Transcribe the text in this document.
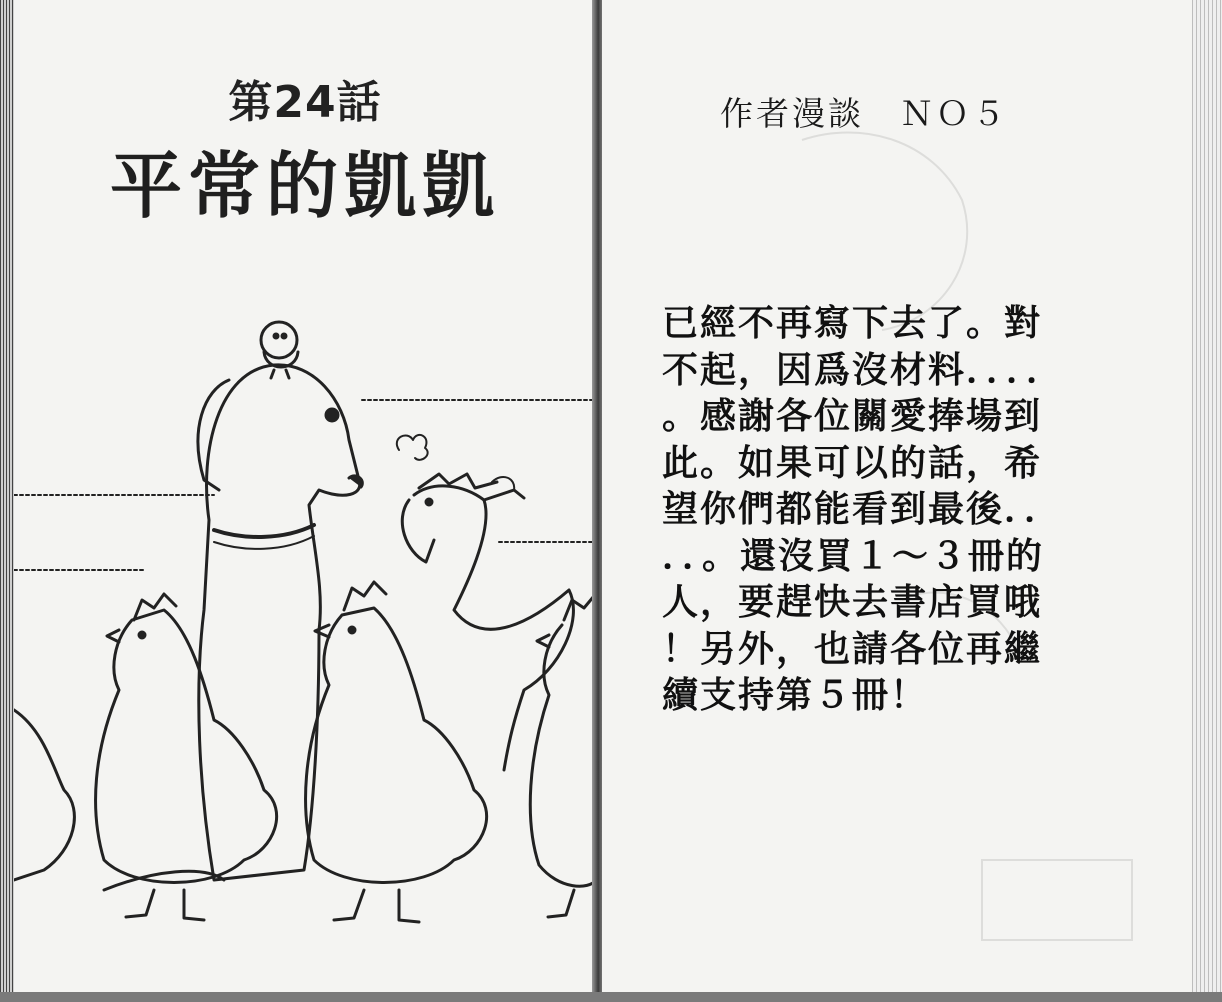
第24話
平常的凱凱
作者漫談　ＮＯ５
已經不再寫下去了。對
不起，因爲沒材料．．．．
。感謝各位關愛捧場到
此。如果可以的話，希
望你們都能看到最後．．
．．。還沒買１～３冊的
人，要趕快去書店買哦
！另外，也請各位再繼
續支持第５冊！
